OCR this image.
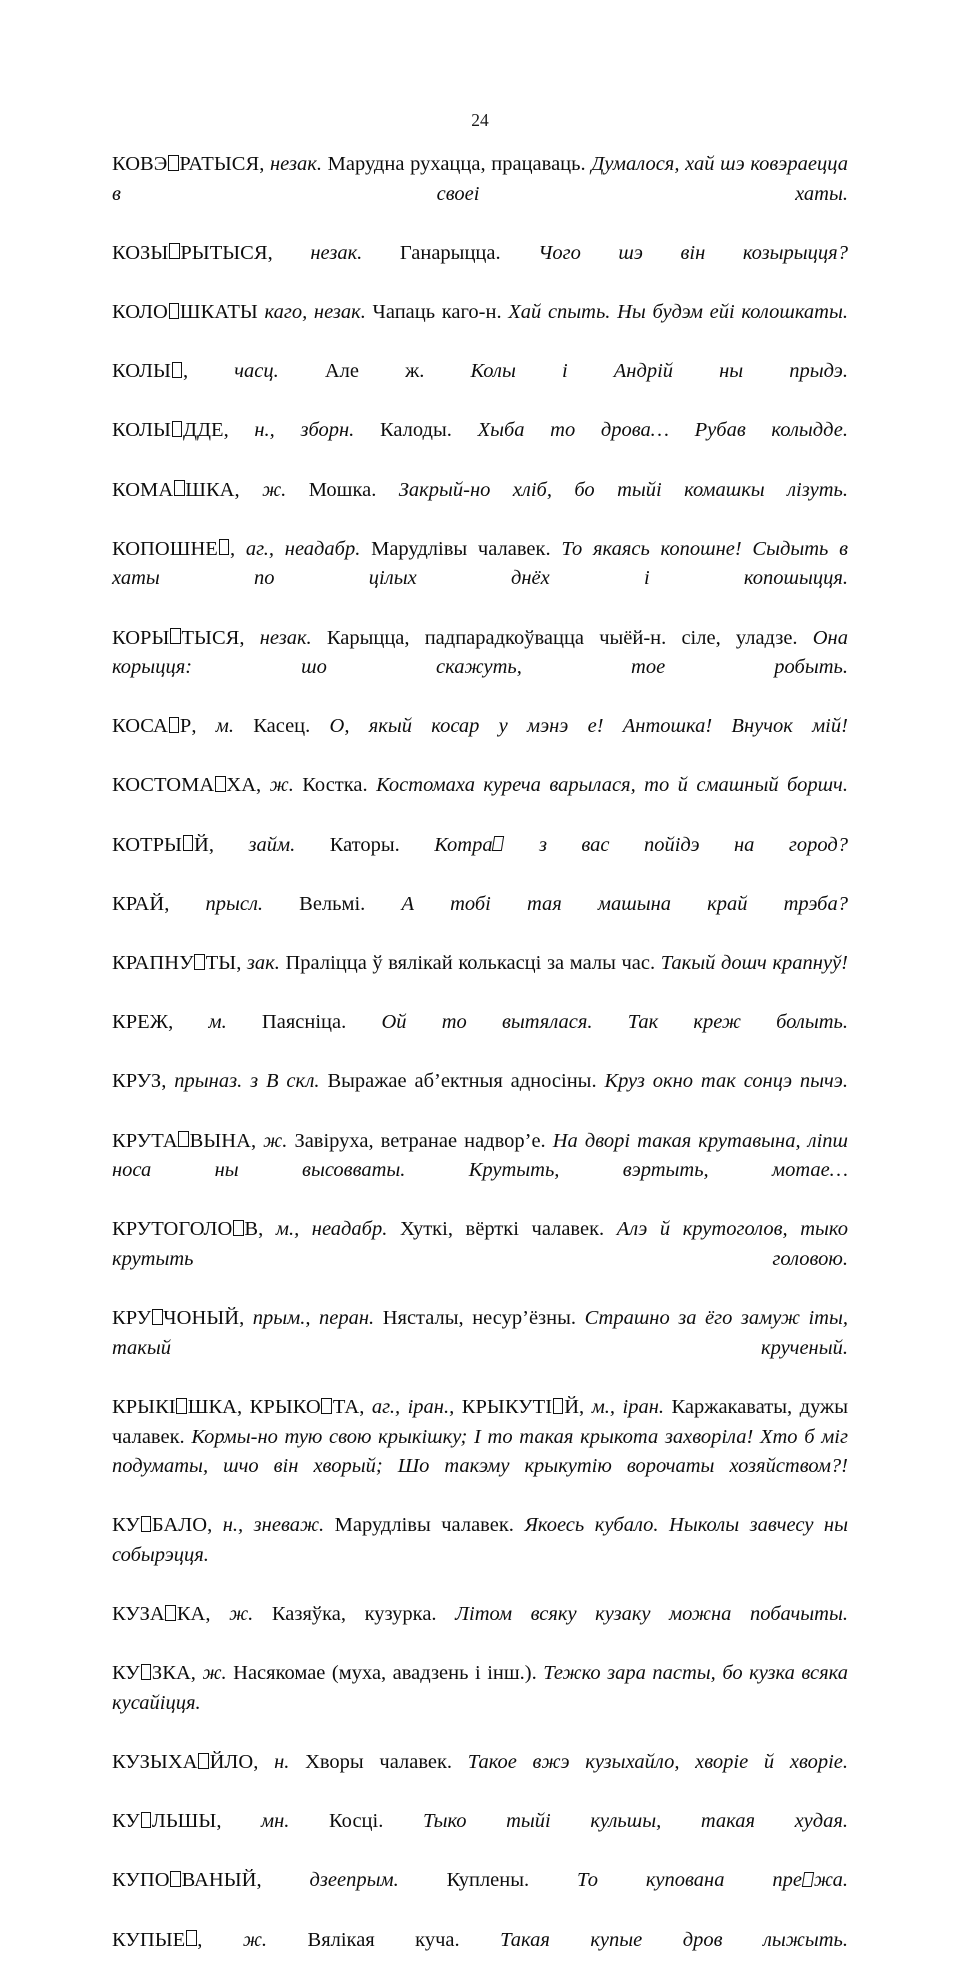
24

КОВЭ РАТЫСЯ, незак. Марудна рухацца, працаваць. Думалося, хай шэ ковэраецца в своеі хаты.

КОЗЫ РЫТЫСЯ, незак. Ганарыцца. Чого шэ він козырыцця?

КОЛО ШКАТЫ каго, незак. Чапаць каго-н. Хай спыть. Ны будэм ейі колошкаты.

КОЛЫ , часц. Але ж. Колы і Андрій ны прыдэ.

КОЛЫ ДДЕ, н., зборн. Калоды. Хыба то дрова… Рубав колыдде.

КОМА ШКА, ж. Мошка. Закрый-но хліб, бо тыйі комашкы лізуть.

КОПОШНЕ , аг., неадабр. Марудлівы чалавек. То якаясь копошне! Сыдыть в хаты по цілых днёх і копошыцця.

КОРЫ ТЫСЯ, незак. Карыцца, падпарадкоўвацца чыёй-н. сіле, уладзе. Она корыцця: шо скажуть, тое робыть.

КОСА Р, м. Касец. О, якый косар у мэнэ е! Антошка! Внучок мій!

КОСТОМА ХА, ж. Костка. Костомаха куреча варылася, то й смашный боршч.

КОТРЫ Й, займ. Каторы. Котра з вас пойідэ на город?

КРАЙ, прысл. Вельмі. А тобі тая машына край трэба?

КРАПНУ ТЫ, зак. Праліцца ў вялікай колькасці за малы час. Такый дошч крапнуў!

КРЕЖ, м. Паясніца. Ой то вытялася. Так креж болыть.

КРУЗ, прыназ. з В скл. Выражае аб’ектныя адносіны. Круз окно так сонцэ пычэ.

КРУТА ВЫНА, ж. Завіруха, ветранае надвор’е. На дворі такая крутавына, ліпш носа ны высовваты. Крутыть, вэртыть, мотае…

КРУТОГОЛО В, м., неадабр. Хуткі, вёрткі чалавек. Алэ й крутоголов, тыко крутыть головою.

КРУ ЧОНЫЙ, прым., перан. Нясталы, несур’ёзны. Страшно за ёго замуж іты, такый крученый.

КРЫКІ ШКА, КРЫКО ТА, аг., іран., КРЫКУТІ Й, м., іран. Каржакаваты, дужы чалавек. Кормы-но тую свою крыкішку; І то такая крыкота захворіла! Хто б міг подуматы, шчо він хворый; Шо такэму крыкутію ворочаты хозяйством?!

КУ БАЛО, н., зневаж. Марудлівы чалавек. Якоесь кубало. Ныколы завчесу ны собырэцця.

КУЗА КА, ж. Казяўка, кузурка. Літом всяку кузаку можна побачыты.

КУ ЗКА, ж. Насякомае (муха, авадзень і інш.). Тежко зара пасты, бо кузка всяка кусайіцця.

КУЗЫХА ЙЛО, н. Хворы чалавек. Такое вжэ кузыхайло, хворіе й хворіе.

КУ ЛЬШЫ, мн. Косці. Тыко тыйі кульшы, такая худая.

КУПО ВАНЫЙ, дзеепрым. Куплены. То купована пре жа.

КУПЫЕ , ж. Вялікая куча. Такая купые дров лыжыть.
